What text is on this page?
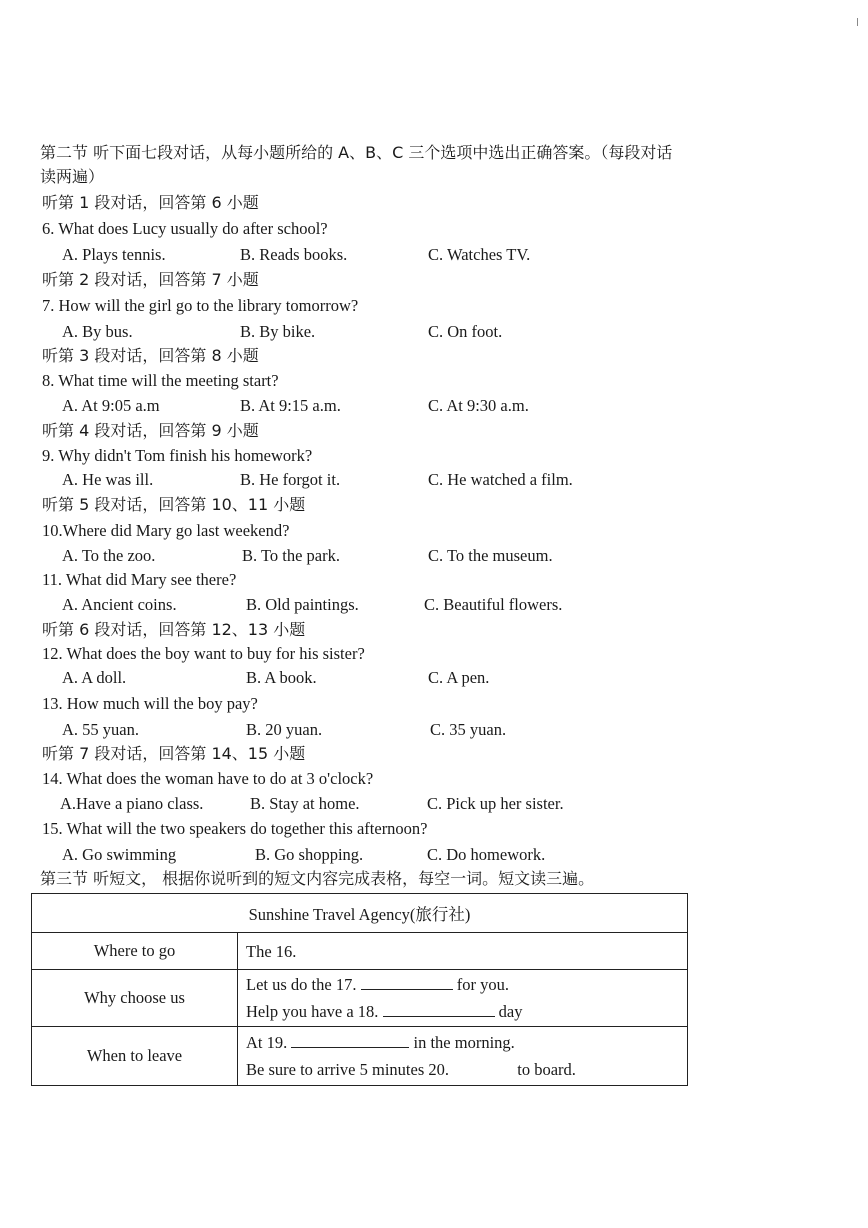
第二节 听下面七段对话，从每小题所给的 A、B、C 三个选项中选出正确答案。（每段对话
读两遍）
听第 1 段对话，回答第 6 小题
6. What does Lucy usually do after school?
A. Plays tennis.	B. Reads books.	C. Watches TV.
听第 2 段对话，回答第 7 小题
7. How will the girl go to the library tomorrow?
A. By bus.	B. By bike.	C. On foot.
听第 3 段对话，回答第 8 小题
8. What time will the meeting start?
A. At 9:05 a.m	B. At 9:15 a.m.	C. At 9:30 a.m.
听第 4 段对话，回答第 9 小题
9. Why didn't Tom finish his homework?
A. He was ill.	B. He forgot it.	C. He watched a film.
听第 5 段对话，回答第 10、11 小题
10.Where did Mary go last weekend?
A. To the zoo.	B. To the park.	C. To the museum.
11. What did Mary see there?
A. Ancient coins.	B. Old paintings.	C. Beautiful flowers.
听第 6 段对话，回答第 12、13 小题
12. What does the boy want to buy for his sister?
A. A doll.	B. A book.	C. A pen.
13. How much will the boy pay?
A. 55 yuan.	B. 20 yuan.	C. 35 yuan.
听第 7 段对话，回答第 14、15 小题
14. What does the woman have to do at 3 o'clock?
A.Have a piano class.	B. Stay at home.	C. Pick up her sister.
15. What will the two speakers do together this afternoon?
A. Go swimming	B. Go shopping.	C. Do homework.
第三节 听短文， 根据你说听到的短文内容完成表格，每空一词。短文读三遍。
Sunshine Travel Agency(旅行社)	
Where to go	The 16.

Why choose us	Let us do the 17. for you.
Help you have a 18. day

When to leave	At 19. in the morning.
Be sure to arrive 5 minutes 20. to board.
